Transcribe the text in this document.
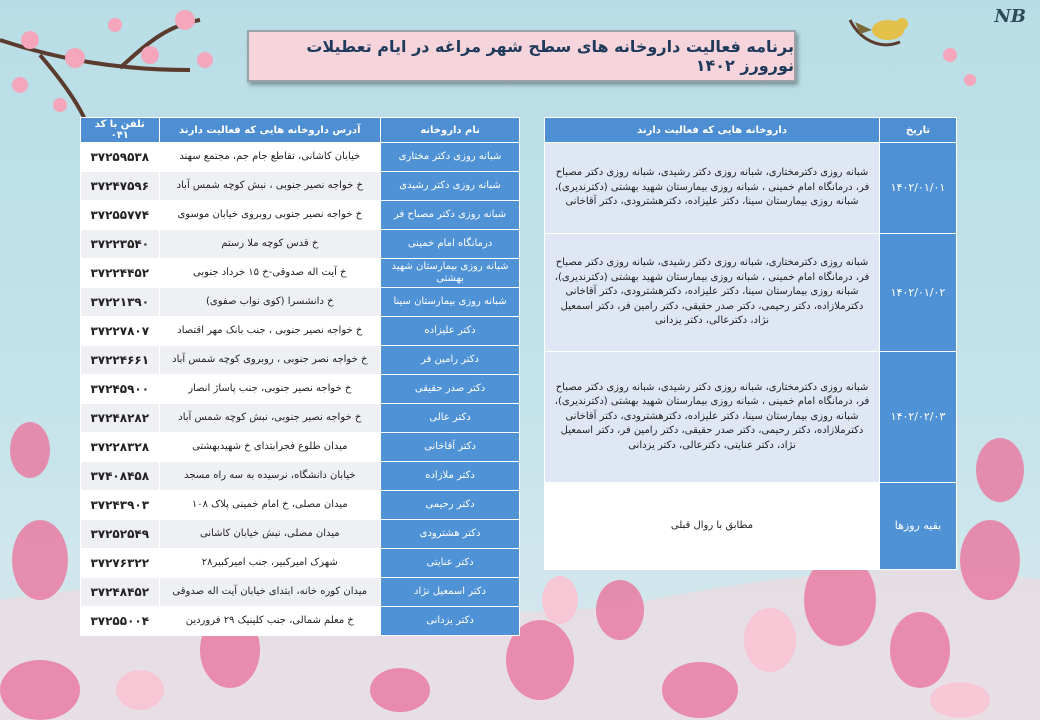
NB
برنامه فعالیت داروخانه های سطح شهر مراغه در ایام تعطیلات نورورز ۱۴۰۲
نام داروخانه	آدرس داروخانه هایی که فعالیت دارند	تلفن با کد ۰۴۱
شبانه روزی دکتر مختاری	خیابان کاشانی، تقاطع جام جم، مجتمع سهند	۳۷۲۵۹۵۳۸
شبانه روزی دکتر رشیدی	خ خواجه نصیر جنوبی ، نبش کوچه شمس آباد	۳۷۲۴۷۵۹۶
شبانه روزی دکتر مصباح فر	خ خواجه نصیر جنوبی روبروی خیابان موسوی	۳۷۲۵۵۷۷۴
درمانگاه امام خمینی	خ قدس کوچه ملا رستم	۳۷۲۲۳۵۴۰
شبانه روزی بیمارستان شهید بهشتی	خ آیت اله صدوقی-خ ۱۵ خرداد جنوبی	۳۷۲۲۴۴۵۲
شبانه روزی بیمارستان سینا	خ دانشسرا (کوی نواب صفوی)	۳۷۲۲۱۳۹۰
دکتر علیزاده	خ خواجه نصیر جنوبی ، جنب بانک مهر اقتصاد	۳۷۲۲۷۸۰۷
دکتر رامین فر	خ خواجه نصر جنوبی ، روبروی کوچه شمس آباد	۳۷۲۲۴۶۶۱
دکتر صدر حقیقی	خ خواجه نصیر جنوبی، جنب پاساژ انصار	۳۷۲۴۵۹۰۰
دکتر عالی	خ خواجه نصیر جنوبی، نبش کوچه شمس آباد	۳۷۲۴۸۲۸۲
دکتر آقاخانی	میدان طلوع فجرابتدای خ شهیدبهشتی	۳۷۲۲۸۳۲۸
دکتر ملازاده	خیابان دانشگاه، نرسیده به سه راه مسجد	۳۷۴۰۸۴۵۸
دکتر رحیمی	میدان مصلی، خ امام خمینی پلاک ۱۰۸	۳۷۲۴۳۹۰۳
دکتر هشترودی	میدان مصلی، نبش خیابان کاشانی	۳۷۲۵۲۵۴۹
دکتر عنایتی	شهرک امیرکبیر، جنب امیرکبیر۲۸	۳۷۲۷۶۳۲۲
دکتر اسمعیل نژاد	میدان کوره خانه، ابتدای خیابان آیت اله صدوقی	۳۷۲۴۸۴۵۲
دکتر یزدانی	خ معلم شمالی، جنب کلینیک ۲۹ فروردین	۳۷۲۵۵۰۰۴
تاریخ	داروخانه هایی که فعالیت دارند
۱۴۰۲/۰۱/۰۱	شبانه روزی دکترمختاری، شبانه روزی دکتر رشیدی، شبانه روزی دکتر مصباح فر، درمانگاه امام خمینی ، شبانه روزی بیمارستان شهید بهشتی (دکترندیری)، شبانه روزی بیمارستان سینا، دکتر علیزاده، دکترهشترودی، دکتر آقاخانی
۱۴۰۲/۰۱/۰۲	شبانه روزی دکترمختاری، شبانه روزی دکتر رشیدی، شبانه روزی دکتر مصباح فر، درمانگاه امام خمینی ، شبانه روزی بیمارستان شهید بهشتی (دکترندیری)، شبانه روزی بیمارستان سینا، دکتر علیزاده، دکترهشترودی، دکتر آقاخانی دکترملازاده، دکتر رحیمی، دکتر صدر حقیقی، دکتر رامین فر، دکتر اسمعیل نژاد، دکترعالی، دکتر یزدانی
۱۴۰۲/۰۲/۰۳	شبانه روزی دکترمختاری، شبانه روزی دکتر رشیدی، شبانه روزی دکتر مصباح فر، درمانگاه امام خمینی ، شبانه روزی بیمارستان شهید بهشتی (دکترندیری)، شبانه روزی بیمارستان سینا، دکتر علیزاده، دکترهشترودی، دکتر آقاخانی دکترملازاده، دکتر رحیمی، دکتر صدر حقیقی، دکتر رامین فر، دکتر اسمعیل نژاد، دکتر عنایتی، دکترعالی، دکتر یزدانی
بقیه روزها	مطابق با روال قبلی
